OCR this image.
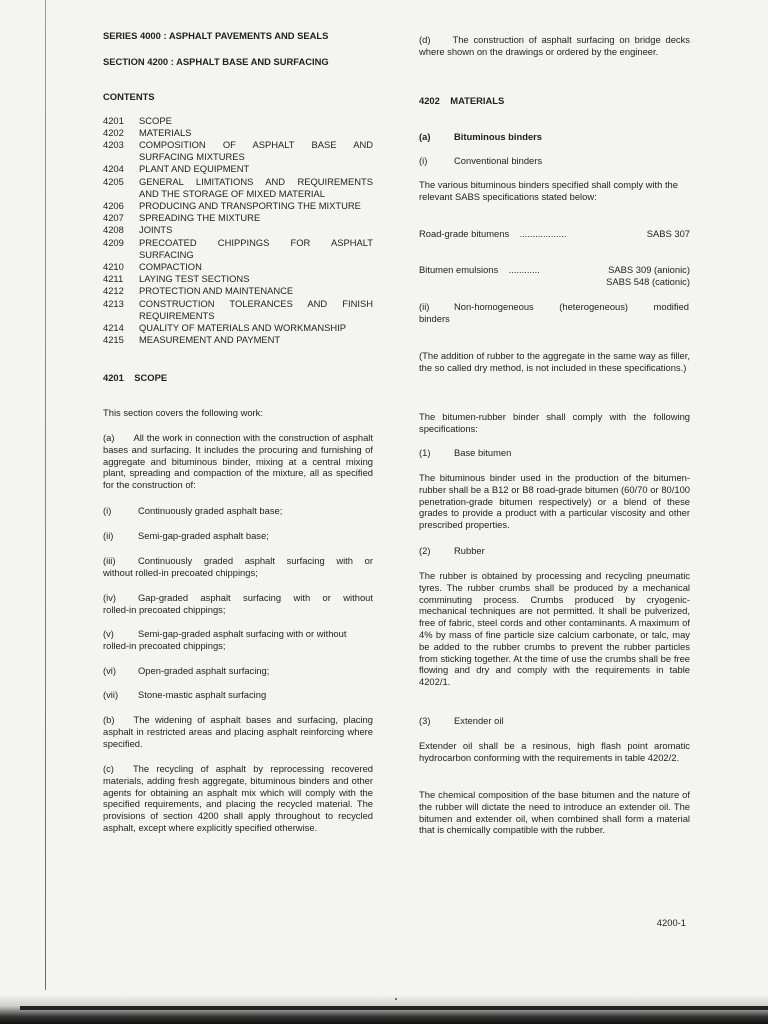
SERIES 4000 : ASPHALT PAVEMENTS AND SEALS
SECTION 4200 : ASPHALT BASE AND SURFACING
CONTENTS
4201 SCOPE
4202 MATERIALS
4203 COMPOSITION OF ASPHALT BASE AND
SURFACING MIXTURES
4204 PLANT AND EQUIPMENT
4205 GENERAL LIMITATIONS AND REQUIREMENTS
AND THE STORAGE OF MIXED MATERIAL
4206 PRODUCING AND TRANSPORTING THE MIXTURE
4207 SPREADING THE MIXTURE
4208 JOINTS
4209 PRECOATED CHIPPINGS FOR ASPHALT
SURFACING
4210 COMPACTION
4211 LAYING TEST SECTIONS
4212 PROTECTION AND MAINTENANCE
4213 CONSTRUCTION TOLERANCES AND FINISH
REQUIREMENTS
4214 QUALITY OF MATERIALS AND WORKMANSHIP
4215 MEASUREMENT AND PAYMENT
4201    SCOPE
This section covers the following work:
(a) All the work in connection with the construction of asphalt bases and surfacing. It includes the procuring and furnishing of aggregate and bituminous binder, mixing at a central mixing plant, spreading and compaction of the mixture, all as specified for the construction of:
(i)	Continuously graded asphalt base;
(ii)	Semi-gap-graded asphalt base;
(iii) Continuously graded asphalt surfacing with or
without rolled-in precoated chippings;
(iv) Gap-graded asphalt surfacing with or without
rolled-in precoated chippings;
(v)	Semi-gap-graded asphalt surfacing with or without
rolled-in precoated chippings;
(vi) Open-graded asphalt surfacing;
(vii) Stone-mastic asphalt surfacing
(b) The widening of asphalt bases and surfacing, placing asphalt in restricted areas and placing asphalt reinforcing where specified.
(c) The recycling of asphalt by reprocessing recovered materials, adding fresh aggregate, bituminous binders and other agents for obtaining an asphalt mix which will comply with the specified requirements, and placing the recycled material. The provisions of section 4200 shall apply throughout to recycled asphalt, except where explicitly specified otherwise.
(d) The construction of asphalt surfacing on bridge decks where shown on the drawings or ordered by the engineer.
4202    MATERIALS
(a)	Bituminous binders
(i)	Conventional binders
The various bituminous binders specified shall comply with the relevant SABS specifications stated below:
Road-grade bitumens ..................	SABS 307
Bitumen emulsions ............	SABS 309 (anionic)
SABS 548 (cationic)
(ii)	Non-homogeneous (heterogeneous) modified
binders
(The addition of rubber to the aggregate in the same way as filler, the so called dry method, is not included in these specifications.)
The bitumen-rubber binder shall comply with the following specifications:
(1)	Base bitumen
The bituminous binder used in the production of the bitumen-rubber shall be a B12 or B8 road-grade bitumen (60/70 or 80/100 penetration-grade bitumen respectively) or a blend of these grades to provide a product with a particular viscosity and other prescribed properties.
(2)	Rubber
The rubber is obtained by processing and recycling pneumatic tyres. The rubber crumbs shall be produced by a mechanical comminuting process. Crumbs produced by cryogenic-mechanical techniques are not permitted. It shall be pulverized, free of fabric, steel cords and other contaminants. A maximum of 4% by mass of fine particle size calcium carbonate, or talc, may be added to the rubber crumbs to prevent the rubber particles from sticking together. At the time of use the crumbs shall be free flowing and dry and comply with the requirements in table 4202/1.
(3)	Extender oil
Extender oil shall be a resinous, high flash point aromatic hydrocarbon conforming with the requirements in table 4202/2.
The chemical composition of the base bitumen and the nature of the rubber will dictate the need to introduce an extender oil. The bitumen and extender oil, when combined shall form a material that is chemically compatible with the rubber.
4200-1
